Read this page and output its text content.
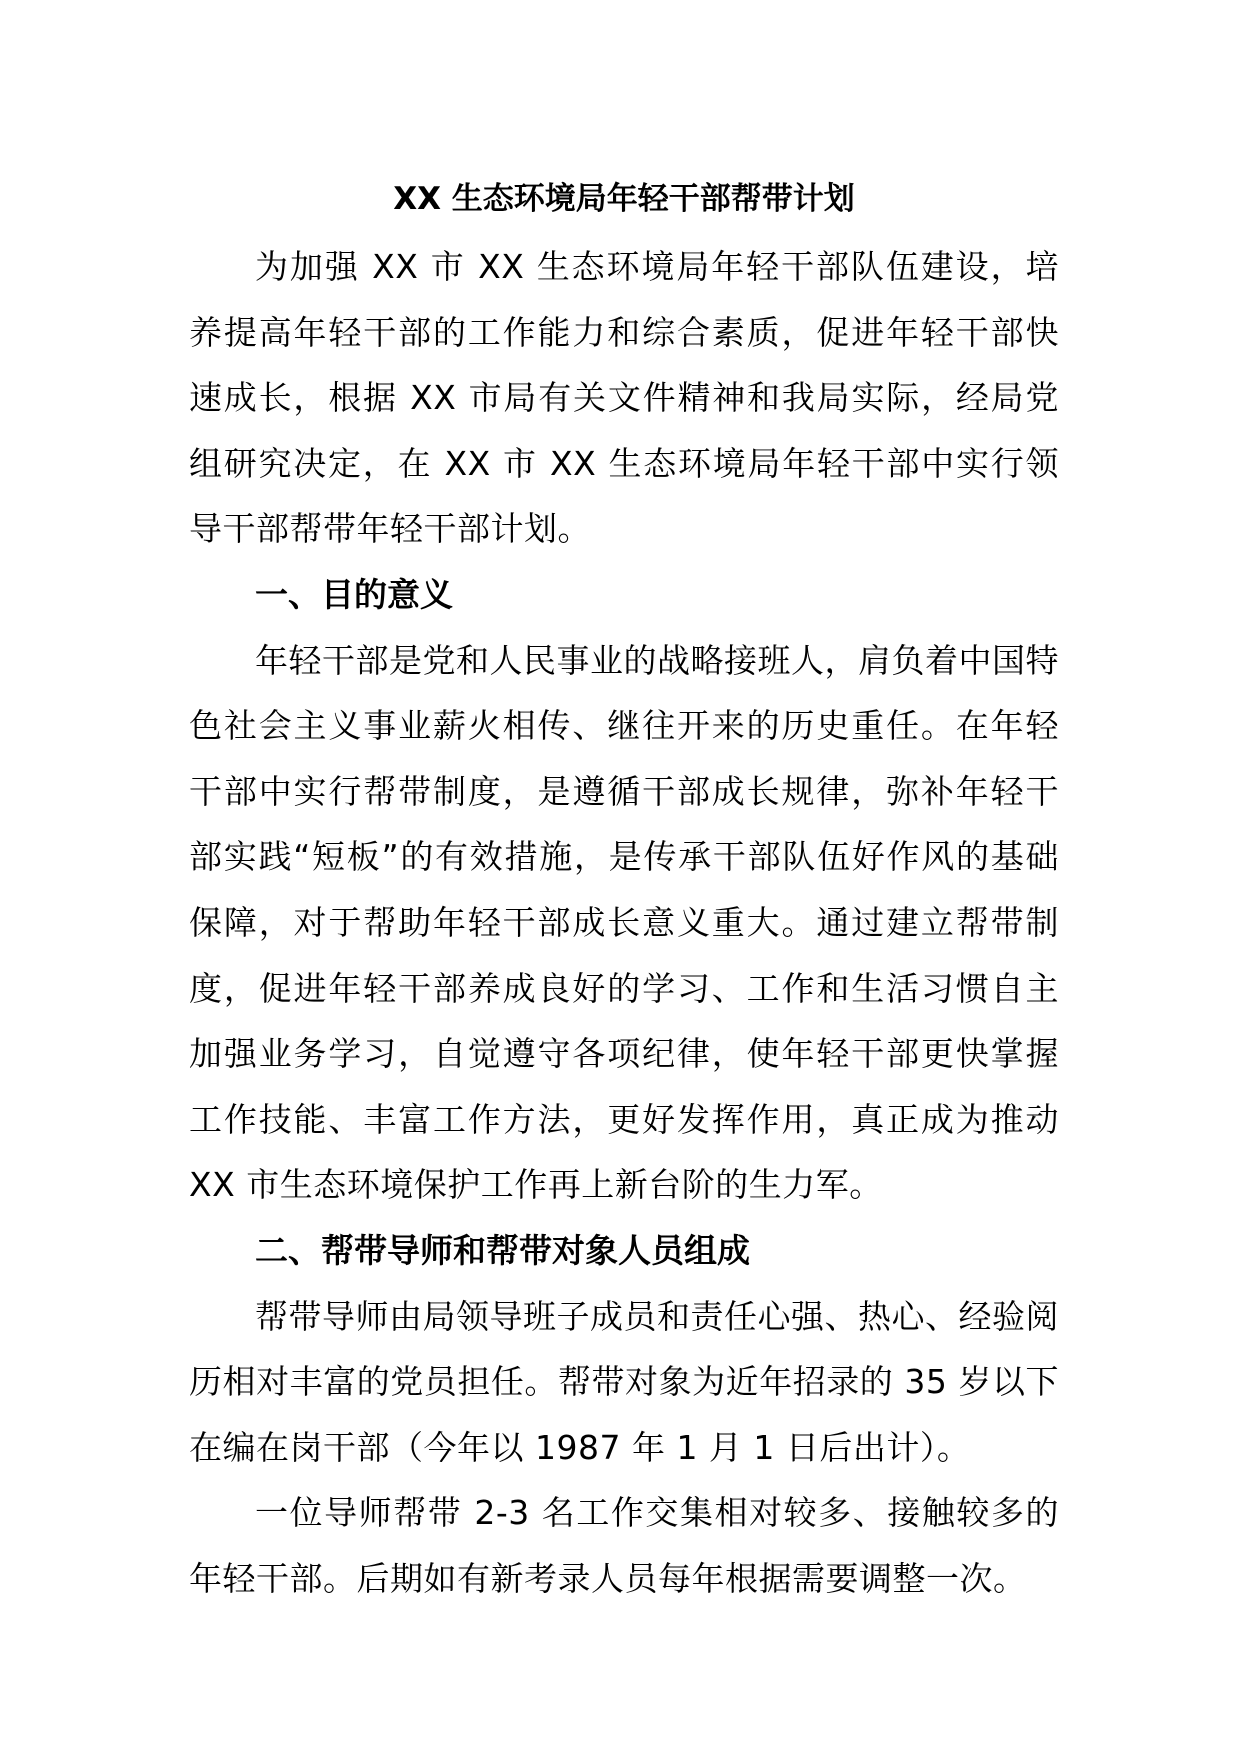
XX 生态环境局年轻干部帮带计划

为加强 XX 市 XX 生态环境局年轻干部队伍建设，培养提高年轻干部的工作能力和综合素质，促进年轻干部快速成长，根据 XX 市局有关文件精神和我局实际，经局党组研究决定，在 XX 市 XX 生态环境局年轻干部中实行领导干部帮带年轻干部计划。

一、目的意义

年轻干部是党和人民事业的战略接班人，肩负着中国特色社会主义事业薪火相传、继往开来的历史重任。在年轻干部中实行帮带制度，是遵循干部成长规律，弥补年轻干部实践“短板”的有效措施，是传承干部队伍好作风的基础保障，对于帮助年轻干部成长意义重大。通过建立帮带制度，促进年轻干部养成良好的学习、工作和生活习惯自主加强业务学习，自觉遵守各项纪律，使年轻干部更快掌握工作技能、丰富工作方法，更好发挥作用，真正成为推动 XX 市生态环境保护工作再上新台阶的生力军。

二、帮带导师和帮带对象人员组成

帮带导师由局领导班子成员和责任心强、热心、经验阅历相对丰富的党员担任。帮带对象为近年招录的 35 岁以下在编在岗干部（今年以 1987 年 1 月 1 日后出计）。

一位导师帮带 2-3 名工作交集相对较多、接触较多的年轻干部。后期如有新考录人员每年根据需要调整一次。
